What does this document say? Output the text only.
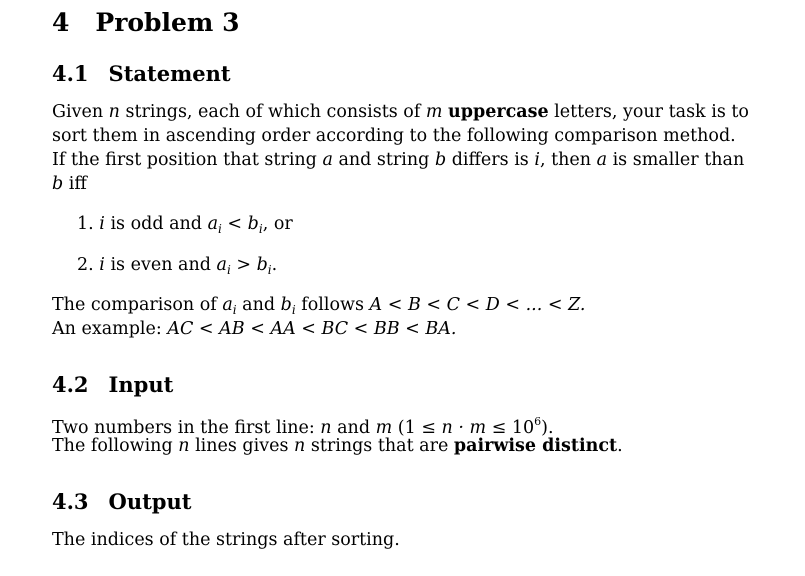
4 Problem 3
4.1 Statement
Given n strings, each of which consists of m uppercase letters, your task is to
sort them in ascending order according to the following comparison method.
If the first position that string a and string b differs is i, then a is smaller than
b iff
1. i is odd and $a_i < b_i$, or
2. i is even and $a_i > b_i$.
The comparison of $a_i$ and $b_i$ follows A < B < C < D < ... < Z.
An example: AC < AB < AA < BC < BB < BA.
4.2 Input
Two numbers in the first line: n and m $(1 \le n \cdot m \le 10^6)$.
The following n lines gives n strings that are pairwise distinct.
4.3 Output
The indices of the strings after sorting.
